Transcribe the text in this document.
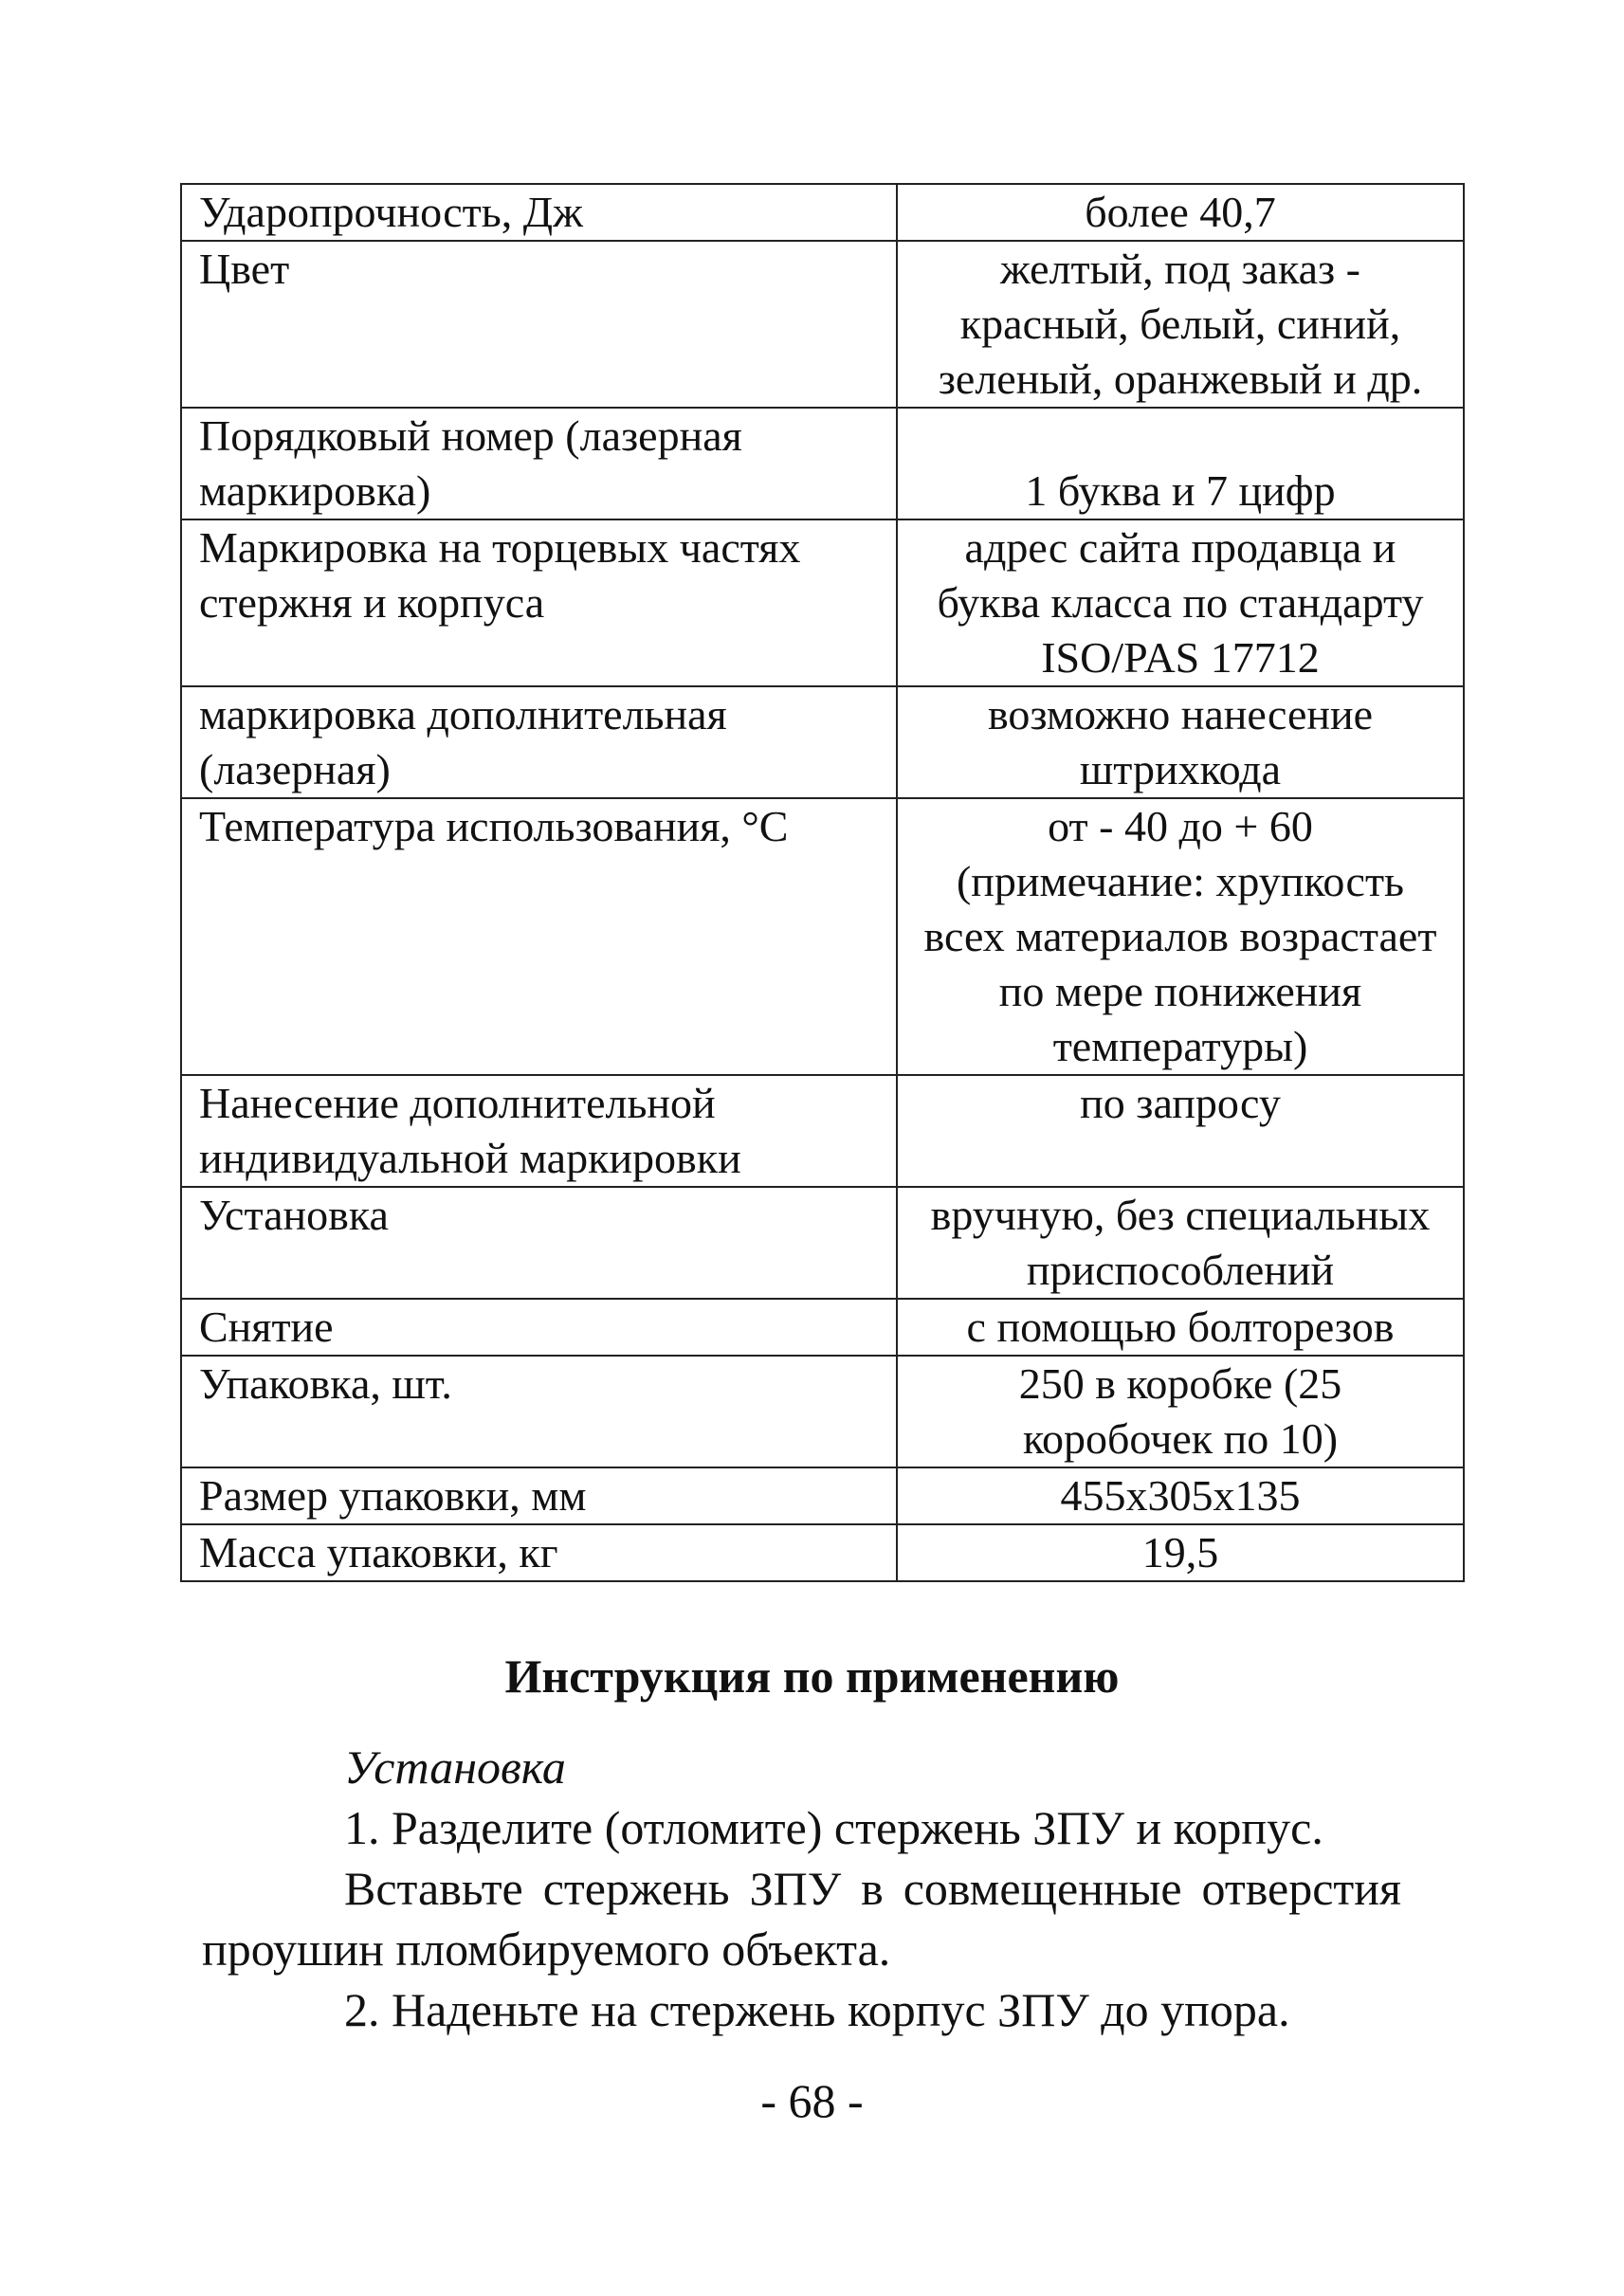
Ударопрочность, Дж	более 40,7
Цвет	желтый, под заказ - красный, белый, синий, зеленый, оранжевый и др.
Порядковый номер (лазерная маркировка)	1 буква и 7 цифр
Маркировка на торцевых частях стержня и корпуса	адрес сайта продавца и буква класса по стандарту ISO/PAS 17712
маркировка дополнительная (лазерная)	возможно нанесение штрихкода
Температура использования, °С	от - 40 до + 60 (примечание: хрупкость всех материалов возрастает по мере понижения температуры)
Нанесение дополнительной индивидуальной маркировки	по запросу
Установка	вручную, без специальных приспособлений
Снятие	с помощью болторезов
Упаковка, шт.	250 в коробке (25 коробочек по 10)
Размер упаковки, мм	455x305x135
Масса упаковки, кг	19,5
Инструкция по применению

Установка

1. Разделите (отломите) стержень ЗПУ и корпус.

Вставьте стержень ЗПУ в совмещенные отверстия проушин пломбируемого объекта.

2. Наденьте на стержень корпус ЗПУ до упора.

- 68 -
